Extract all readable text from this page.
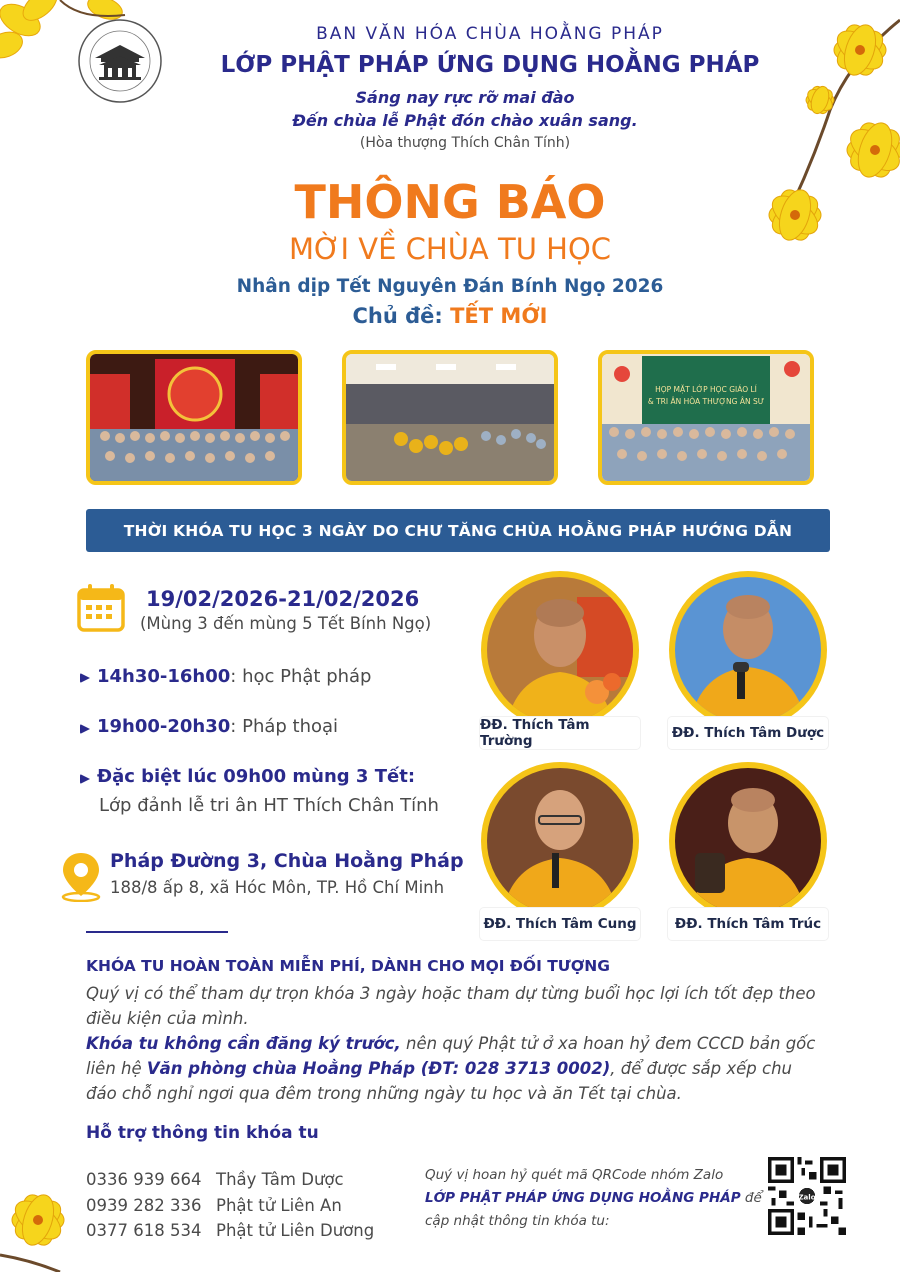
BAN VĂN HÓA CHÙA HOẰNG PHÁP
LỚP PHẬT PHÁP ỨNG DỤNG HOẰNG PHÁP
Sáng nay rực rỡ mai đào
Đến chùa lễ Phật đón chào xuân sang.
(Hòa thượng Thích Chân Tính)
THÔNG BÁO
MỜI VỀ CHÙA TU HỌC
Nhân dịp Tết Nguyên Đán Bính Ngọ 2026
Chủ đề: TẾT MỚI
HỌP MẶT LỚP HỌC GIÁO LÍ
& TRI ÂN HÒA THƯỢNG ÂN SƯ
THỜI KHÓA TU HỌC 3 NGÀY DO CHƯ TĂNG CHÙA HOẰNG PHÁP HƯỚNG DẪN
19/02/2026-21/02/2026
(Mùng 3 đến mùng 5 Tết Bính Ngọ)
14h30-16h00: học Phật pháp
19h00-20h30: Pháp thoại
Đặc biệt lúc 09h00 mùng 3 Tết:
Lớp đảnh lễ tri ân HT Thích Chân Tính
Pháp Đường 3, Chùa Hoằng Pháp
188/8 ấp 8, xã Hóc Môn, TP. Hồ Chí Minh
ĐĐ. Thích Tâm Trường	ĐĐ. Thích Tâm Dược
ĐĐ. Thích Tâm Cung	ĐĐ. Thích Tâm Trúc
KHÓA TU HOÀN TOÀN MIỄN PHÍ, DÀNH CHO MỌI ĐỐI TƯỢNG
Quý vị có thể tham dự trọn khóa 3 ngày hoặc tham dự từng buổi học lợi ích tốt đẹp theo điều kiện của mình.
Khóa tu không cần đăng ký trước, nên quý Phật tử ở xa hoan hỷ đem CCCD bản gốc liên hệ Văn phòng chùa Hoằng Pháp (ĐT: 028 3713 0002), để được sắp xếp chu đáo chỗ nghỉ ngơi qua đêm trong những ngày tu học và ăn Tết tại chùa.
Hỗ trợ thông tin khóa tu
0336 939 664 Thầy Tâm Dược
0939 282 336 Phật tử Liên An
0377 618 534 Phật tử Liên Dương
Quý vị hoan hỷ quét mã QRCode nhóm Zalo
LỚP PHẬT PHÁP ỨNG DỤNG HOẰNG PHÁP để
cập nhật thông tin khóa tu:
Zalo
